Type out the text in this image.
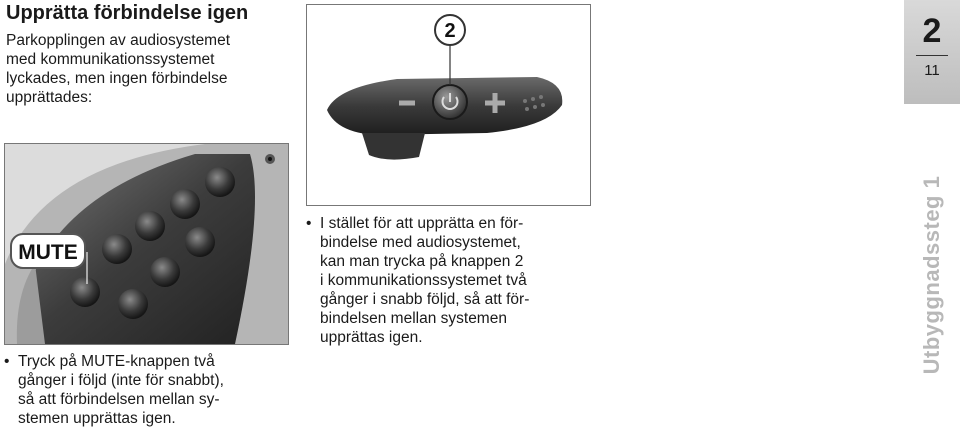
Upprätta förbindelse igen
Parkopplingen av audiosystemet
med kommunikationssystemet
lyckades, men ingen förbindelse
upprättades:
MUTE
2
• Tryck på MUTE-knappen två
gånger i följd (inte för snabbt),
så att förbindelsen mellan sy-
stemen upprättas igen.
• I stället för att upprätta en för-
bindelse med audiosystemet,
kan man trycka på knappen 2
i kommunikationssystemet två
gånger i snabb följd, så att för-
bindelsen mellan systemen
upprättas igen.
2
11
Utbyggnadssteg 1
